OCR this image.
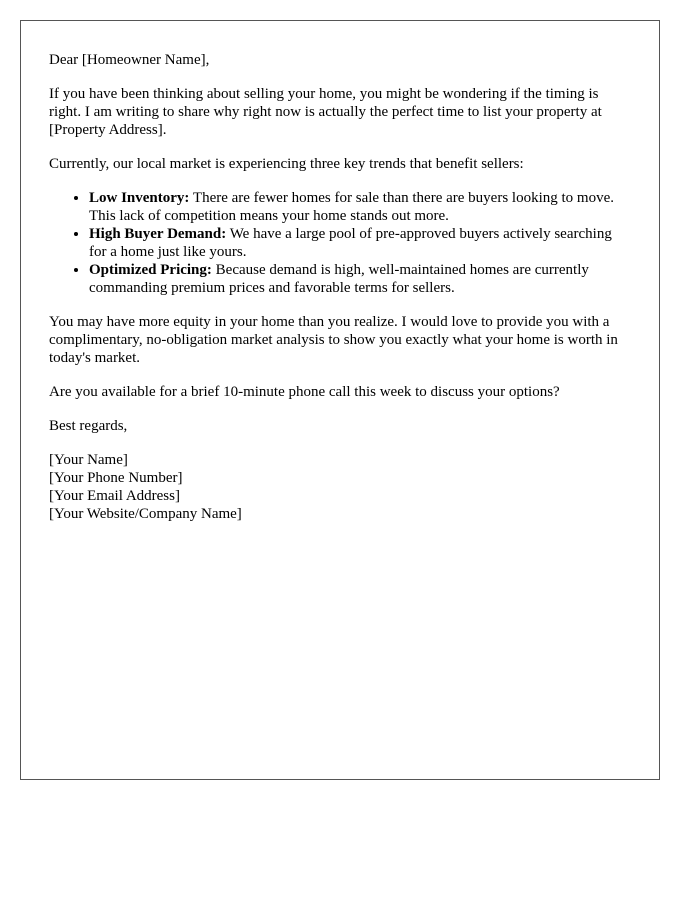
Dear [Homeowner Name],

If you have been thinking about selling your home, you might be wondering if the timing is right. I am writing to share why right now is actually the perfect time to list your property at [Property Address].

Currently, our local market is experiencing three key trends that benefit sellers:

• Low Inventory: There are fewer homes for sale than there are buyers looking to move. This lack of competition means your home stands out more.
• High Buyer Demand: We have a large pool of pre-approved buyers actively searching for a home just like yours.
• Optimized Pricing: Because demand is high, well-maintained homes are currently commanding premium prices and favorable terms for sellers.

You may have more equity in your home than you realize. I would love to provide you with a complimentary, no-obligation market analysis to show you exactly what your home is worth in today's market.

Are you available for a brief 10-minute phone call this week to discuss your options?

Best regards,

[Your Name]
[Your Phone Number]
[Your Email Address]
[Your Website/Company Name]
